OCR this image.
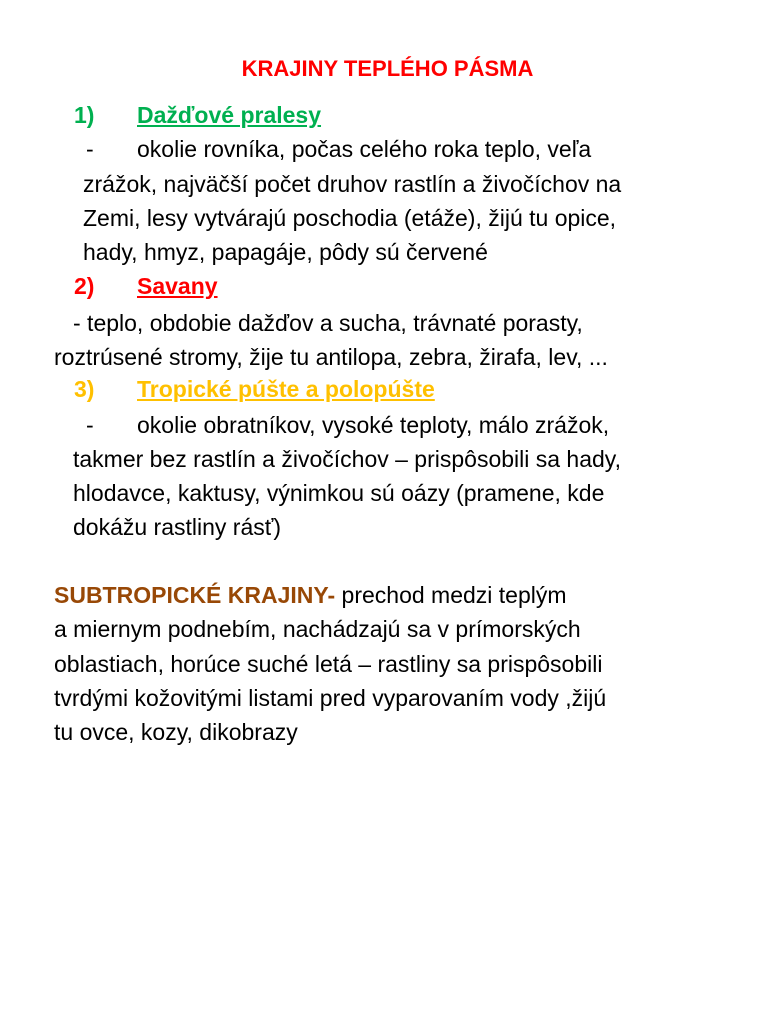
KRAJINY TEPLÉHO PÁSMA
1) Dažďové pralesy
- okolie rovníka, počas celého roka teplo, veľa
zrážok, najväčší počet druhov rastlín a živočíchov na
Zemi, lesy vytvárajú poschodia (etáže), žijú tu opice,
hady, hmyz, papagáje, pôdy sú červené
2) Savany
- teplo, obdobie dažďov a sucha, trávnaté porasty,
roztrúsené stromy, žije tu antilopa, zebra, žirafa, lev, ...
3) Tropické púšte a polopúšte
- okolie obratníkov, vysoké teploty, málo zrážok,
takmer bez rastlín a živočíchov – prispôsobili sa hady,
hlodavce, kaktusy, výnimkou sú oázy (pramene, kde
dokážu rastliny rásť)
SUBTROPICKÉ KRAJINY- prechod medzi teplým
a miernym podnebím, nachádzajú sa v prímorských
oblastiach, horúce suché letá – rastliny sa prispôsobili
tvrdými kožovitými listami pred vyparovaním vody ,žijú
tu ovce, kozy, dikobrazy
